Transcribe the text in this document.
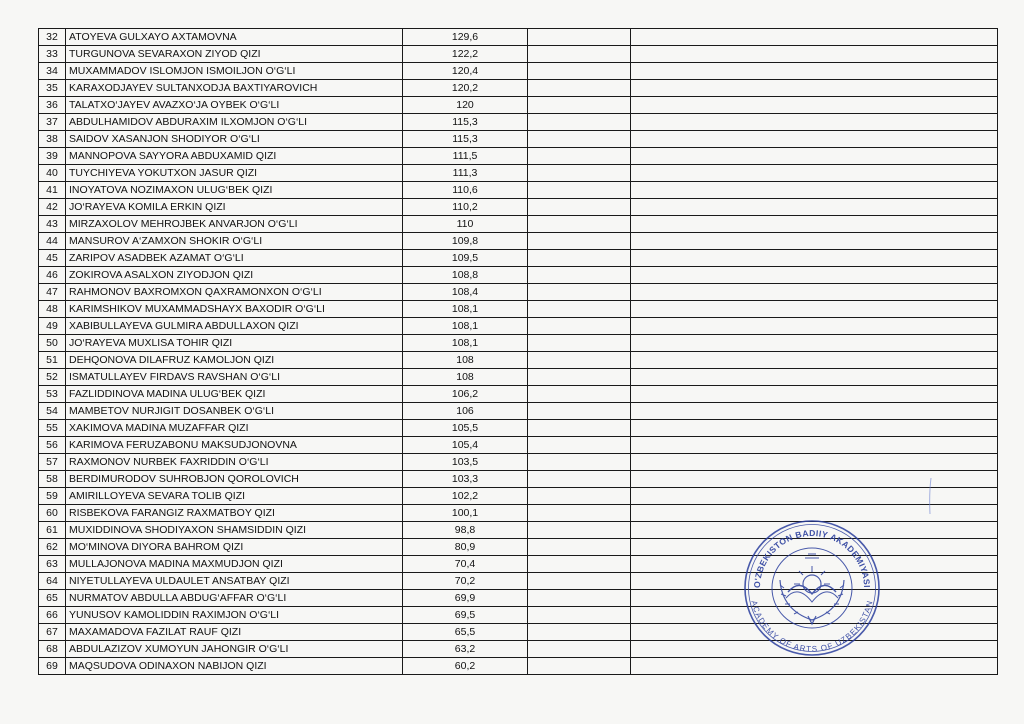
32	ATOYEVA GULXAYO AXTAMOVNA	129,6		
33	TURGUNOVA SEVARAXON ZIYOD QIZI	122,2		
34	MUXAMMADOV ISLOMJON ISMOILJON O‘G‘LI	120,4		
35	KARAXODJAYEV SULTANXODJA BAXTIYAROVICH	120,2		
36	TALATXO‘JAYEV AVAZXO‘JA OYBEK O‘G‘LI	120		
37	ABDULHAMIDOV ABDURAXIM ILXOMJON O‘G‘LI	115,3		
38	SAIDOV XASANJON SHODIYOR O‘G‘LI	115,3		
39	MANNOPOVA SAYYORA ABDUXAMID QIZI	111,5		
40	TUYCHIYEVA YOKUTXON JASUR QIZI	111,3		
41	INOYATOVA NOZIMAXON ULUG‘BEK QIZI	110,6		
42	JO‘RAYEVA KOMILA ERKIN QIZI	110,2		
43	MIRZAXOLOV MEHROJBEK ANVARJON O‘G‘LI	110		
44	MANSUROV A‘ZAMXON SHOKIR O‘G‘LI	109,8		
45	ZARIPOV ASADBEK AZAMAT O‘G‘LI	109,5		
46	ZOKIROVA ASALXON ZIYODJON QIZI	108,8		
47	RAHMONOV BAXROMXON QAXRAMONXON O‘G‘LI	108,4		
48	KARIMSHIKOV MUXAMMADSHAYX BAXODIR O‘G‘LI	108,1		
49	XABIBULLAYEVA GULMIRA ABDULLAXON QIZI	108,1		
50	JO‘RAYEVA MUXLISA TOHIR QIZI	108,1		
51	DEHQONOVA DILAFRUZ KAMOLJON QIZI	108		
52	ISMATULLAYEV FIRDAVS RAVSHAN O‘G‘LI	108		
53	FAZLIDDINOVA MADINA ULUG‘BEK QIZI	106,2		
54	MAMBETOV NURJIGIT DOSANBEK O‘G‘LI	106		
55	XAKIMOVA MADINA MUZAFFAR QIZI	105,5		
56	KARIMOVA FERUZABONU MAKSUDJONOVNA	105,4		
57	RAXMONOV NURBEK FAXRIDDIN O‘G‘LI	103,5		
58	BERDIMURODOV SUHROBJON QOROLOVICH	103,3		
59	AMIRILLOYEVA SEVARA TOLIB QIZI	102,2		
60	RISBEKOVA FARANGIZ RAXMATBOY QIZI	100,1		
61	MUXIDDINOVA SHODIYAXON SHAMSIDDIN QIZI	98,8		
62	MO‘MINOVA DIYORA BAHROM QIZI	80,9		
63	MULLAJONOVA MADINA MAXMUDJON QIZI	70,4		
64	NIYETULLAYEVA ULDAULET ANSATBAY QIZI	70,2		
65	NURMATOV ABDULLA ABDUG‘AFFAR O‘G‘LI	69,9		
66	YUNUSOV KAMOLIDDIN RAXIMJON O‘G‘LI	69,5		
67	MAXAMADOVA FAZILAT RAUF QIZI	65,5		
68	ABDULAZIZOV XUMOYUN JAHONGIR O‘G‘LI	63,2		
69	MAQSUDOVA ODINAXON NABIJON QIZI	60,2		
O'ZBEKISTON BADIIY AKADEMIYASI
ACADEMY OF ARTS OF UZBEKISTAN
